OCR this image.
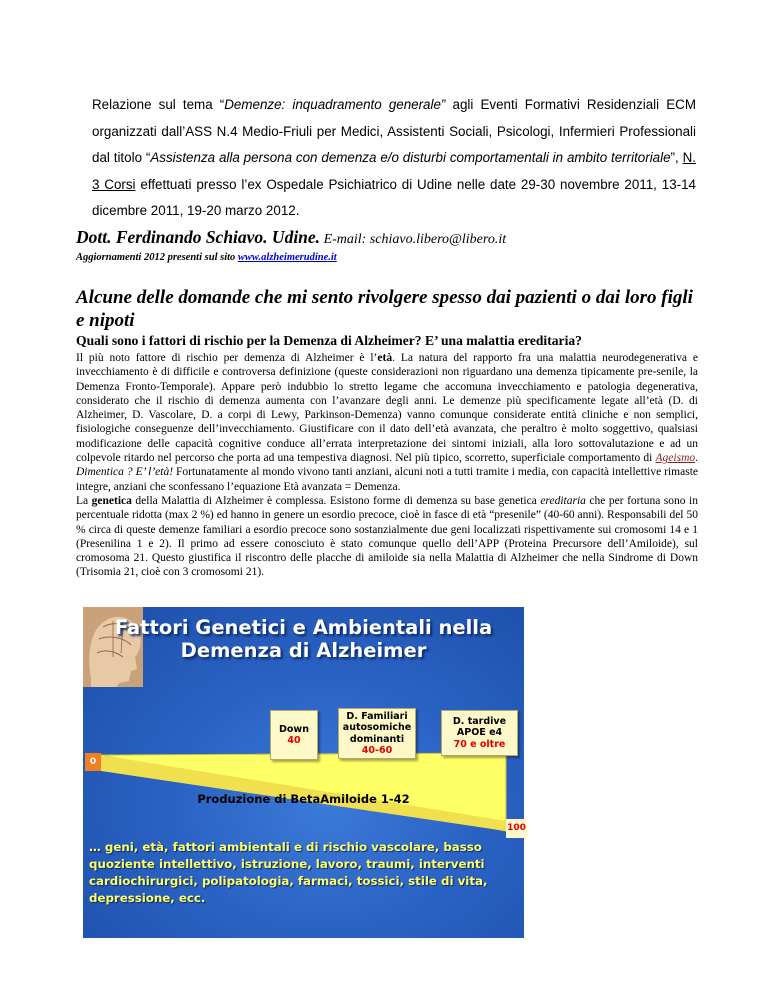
Relazione sul tema “Demenze: inquadramento generale” agli Eventi Formativi Residenziali ECM organizzati dall’ASS N.4 Medio-Friuli per Medici, Assistenti Sociali, Psicologi, Infermieri Professionali dal titolo “Assistenza alla persona con demenza e/o disturbi comportamentali in ambito territoriale”, N. 3 Corsi effettuati presso l’ex Ospedale Psichiatrico di Udine nelle date 29-30 novembre 2011, 13-14 dicembre 2011, 19-20 marzo 2012.

Dott. Ferdinando Schiavo. Udine. E-mail: schiavo.libero@libero.it
Aggiornamenti 2012 presenti sul sito www.alzheimerudine.it
Alcune delle domande che mi sento rivolgere spesso dai pazienti o dai loro figli e nipoti

Quali sono i fattori di rischio per la Demenza di Alzheimer? E’ una malattia ereditaria?

Il più noto fattore di rischio per demenza di Alzheimer è l’età. La natura del rapporto fra una malattia neurodegenerativa e invecchiamento è di difficile e controversa definizione (queste considerazioni non riguardano una demenza tipicamente pre-senile, la Demenza Fronto-Temporale). Appare però indubbio lo stretto legame che accomuna invecchiamento e patologia degenerativa, considerato che il rischio di demenza aumenta con l’avanzare degli anni. Le demenze più specificamente legate all’età (D. di Alzheimer, D. Vascolare, D. a corpi di Lewy, Parkinson-Demenza) vanno comunque considerate entità cliniche e non semplici, fisiologiche conseguenze dell’invecchiamento. Giustificare con il dato dell’età avanzata, che peraltro è molto soggettivo, qualsiasi modificazione delle capacità cognitive conduce all’errata interpretazione dei sintomi iniziali, alla loro sottovalutazione e ad un colpevole ritardo nel percorso che porta ad una tempestiva diagnosi. Nel più tipico, scorretto, superficiale comportamento di Ageismo. Dimentica ? E’ l’età! Fortunatamente al mondo vivono tanti anziani, alcuni noti a tutti tramite i media, con capacità intellettive rimaste integre, anziani che sconfessano l’equazione Età avanzata = Demenza.
La genetica della Malattia di Alzheimer è complessa. Esistono forme di demenza su base genetica ereditaria che per fortuna sono in percentuale ridotta (max 2 %) ed hanno in genere un esordio precoce, cioè in fasce di età “presenile” (40-60 anni). Responsabili del 50 % circa di queste demenze familiari a esordio precoce sono sostanzialmente due geni localizzati rispettivamente sui cromosomi 14 e 1 (Presenilina 1 e 2). Il primo ad essere conosciuto è stato comunque quello dell’APP (Proteina Precursore dell’Amiloide), sul cromosoma 21. Questo giustifica il riscontro delle placche di amiloide sia nella Malattia di Alzheimer che nella Sindrome di Down (Trisomia 21, cioè con 3 cromosomi 21).

Fattori Genetici e Ambientali nella
Demenza di Alzheimer
0
100
Down
40
D. Familiari
autosomiche
dominanti
40-60
D. tardive
APOE e4
70 e oltre
Produzione di BetaAmiloide 1-42

… geni, età, fattori ambientali e di rischio vascolare, basso quoziente intellettivo, istruzione, lavoro, traumi, interventi cardiochirurgici, polipatologia, farmaci, tossici, stile di vita, depressione, ecc.
